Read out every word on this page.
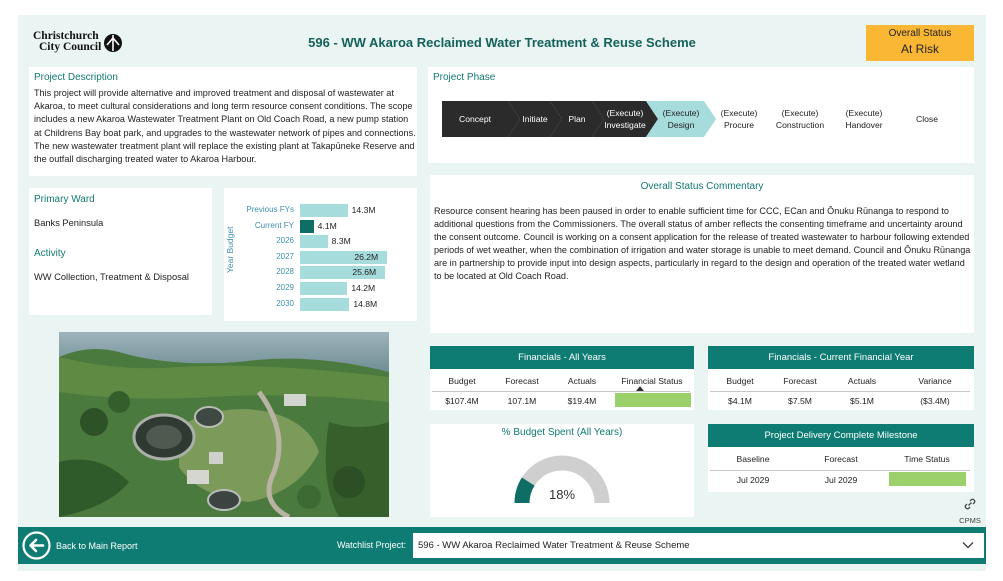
Christchurch
City Council	596 - WW Akaroa Reclaimed Water Treatment & Reuse Scheme
Overall Status
At Risk
Project Description
This project will provide alternative and improved treatment and disposal of wastewater at Akaroa, to meet cultural considerations and long term resource consent conditions. The scope includes a new Akaroa Wastewater Treatment Plant on Old Coach Road, a new pump station at Childrens Bay boat park, and upgrades to the wastewater network of pipes and connections. The new wastewater treatment plant will replace the existing plant at Takapūneke Reserve and the outfall discharging treated water to Akaroa Harbour.
Project Phase
Concept	Initiate Plan
(Execute)
Investigate
(Execute)
Design
(Execute)
Procure
(Execute)
Construction
(Execute)
Handover
Close
Primary Ward
Banks Peninsula
Activity
WW Collection, Treatment & Disposal
Year Budget
Previous FYs	14.3M
Current FY	4.1M
2026	8.3M
2027	26.2M
2028	25.6M
2029	14.2M
2030	14.8M
Overall Status Commentary
Resource consent hearing has been paused in order to enable sufficient time for CCC, ECan and Ōnuku Rūnanga to respond to additional questions from the Commissioners. The overall status of amber reflects the consenting timeframe and uncertainty around the consent outcome. Council is working on a consent application for the release of treated wastewater to harbour following extended periods of wet weather, when the combination of irrigation and water storage is unable to meet demand. Council and Ōnuku Rūnanga are in partnership to provide input into design aspects, particularly in regard to the design and operation of the treated water wetland to be located at Old Coach Road.
Financials - All Years
Budget	Forecast	Actuals	Financial Status
$107.4M	107.1M	$19.4M
Financials - Current Financial Year
Budget	Forecast	Actuals	Variance
$4.1M	$7.5M	$5.1M	($3.4M)
% Budget Spent (All Years)
18%
Project Delivery Complete Milestone
Baseline	Forecast	Time Status
Jul 2029	Jul 2029
CPMS
Back to Main Report	Watchlist Project: 596 - WW Akaroa Reclaimed Water Treatment & Reuse Scheme
